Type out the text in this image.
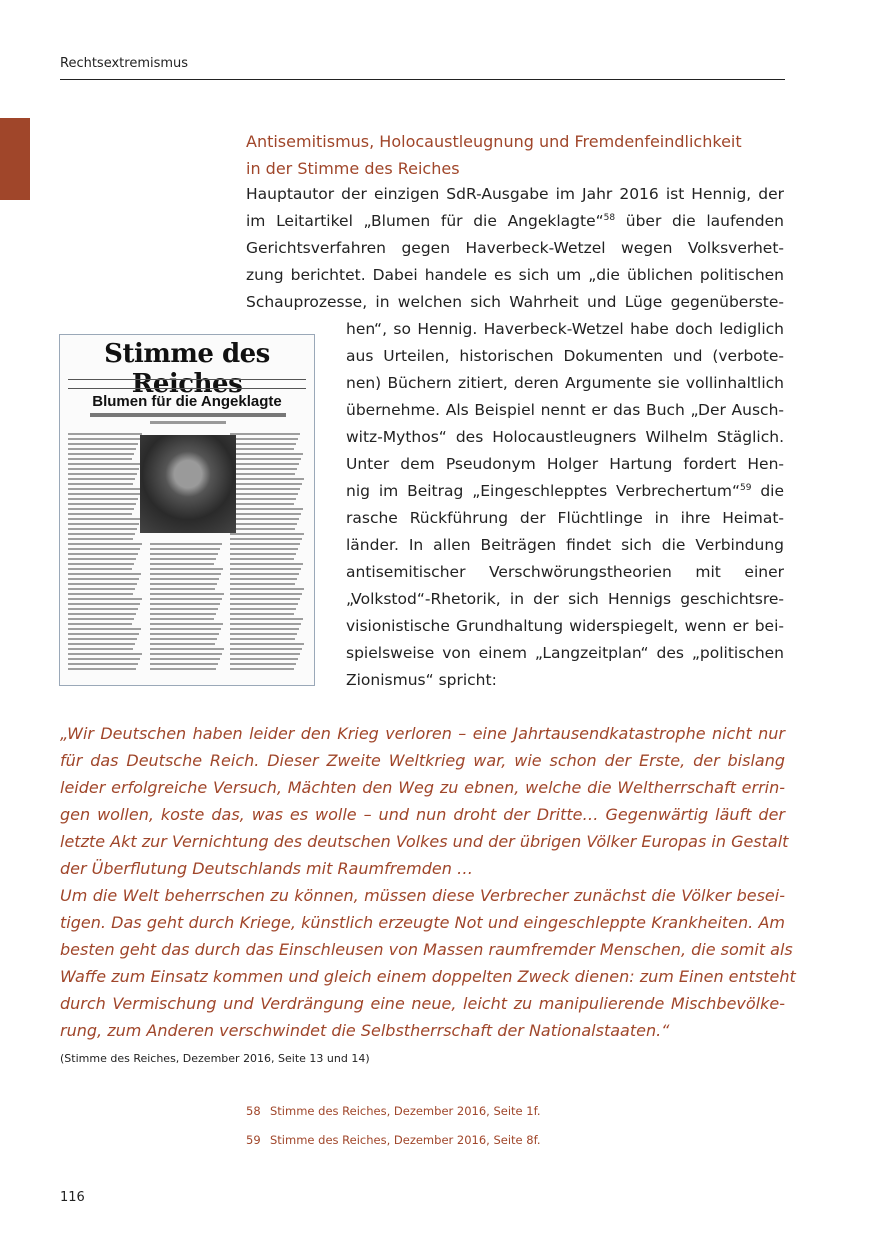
Rechtsextremismus
Antisemitismus, Holocaustleugnung und Fremdenfeindlichkeit
in der Stimme des Reiches
Hauptautor der einzigen SdR-Ausgabe im Jahr 2016 ist Hennig, der
im Leitartikel „Blumen für die Angeklagte“$^{58}$ über die laufenden
Gerichtsverfahren gegen Haverbeck-Wetzel wegen Volksverhet-
zung berichtet. Dabei handele es sich um „die üblichen politischen
Schauprozesse, in welchen sich Wahrheit und Lüge gegenüberste-
hen“, so Hennig. Haverbeck-Wetzel habe doch lediglich
aus Urteilen, historischen Dokumenten und (verbote-
nen) Büchern zitiert, deren Argumente sie vollinhaltlich
übernehme. Als Beispiel nennt er das Buch „Der Ausch-
witz-Mythos“ des Holocaustleugners Wilhelm Stäglich.
Unter dem Pseudonym Holger Hartung fordert Hen-
nig im Beitrag „Eingeschlepptes Verbrechertum“$^{59}$ die
rasche Rückführung der Flüchtlinge in ihre Heimat-
länder. In allen Beiträgen findet sich die Verbindung
antisemitischer Verschwörungstheorien mit einer
„Volkstod“-Rhetorik, in der sich Hennigs geschichtsre-
visionistische Grundhaltung widerspiegelt, wenn er bei-
spielsweise von einem „Langzeitplan“ des „politischen
Zionismus“ spricht:
Stimme des Reiches
Blumen für die Angeklagte
„Wir Deutschen haben leider den Krieg verloren – eine Jahrtausendkatastrophe nicht nur
für das Deutsche Reich. Dieser Zweite Weltkrieg war, wie schon der Erste, der bislang
leider erfolgreiche Versuch, Mächten den Weg zu ebnen, welche die Weltherrschaft errin-
gen wollen, koste das, was es wolle – und nun droht der Dritte… Gegenwärtig läuft der
letzte Akt zur Vernichtung des deutschen Volkes und der übrigen Völker Europas in Gestalt
der Überflutung Deutschlands mit Raumfremden …
Um die Welt beherrschen zu können, müssen diese Verbrecher zunächst die Völker besei-
tigen. Das geht durch Kriege, künstlich erzeugte Not und eingeschleppte Krankheiten. Am
besten geht das durch das Einschleusen von Massen raumfremder Menschen, die somit als
Waffe zum Einsatz kommen und gleich einem doppelten Zweck dienen: zum Einen entsteht
durch Vermischung und Verdrängung eine neue, leicht zu manipulierende Mischbevölke-
rung, zum Anderen verschwindet die Selbstherrschaft der Nationalstaaten.“
(Stimme des Reiches, Dezember 2016, Seite 13 und 14)
58 Stimme des Reiches, Dezember 2016, Seite 1f.
59 Stimme des Reiches, Dezember 2016, Seite 8f.
116
